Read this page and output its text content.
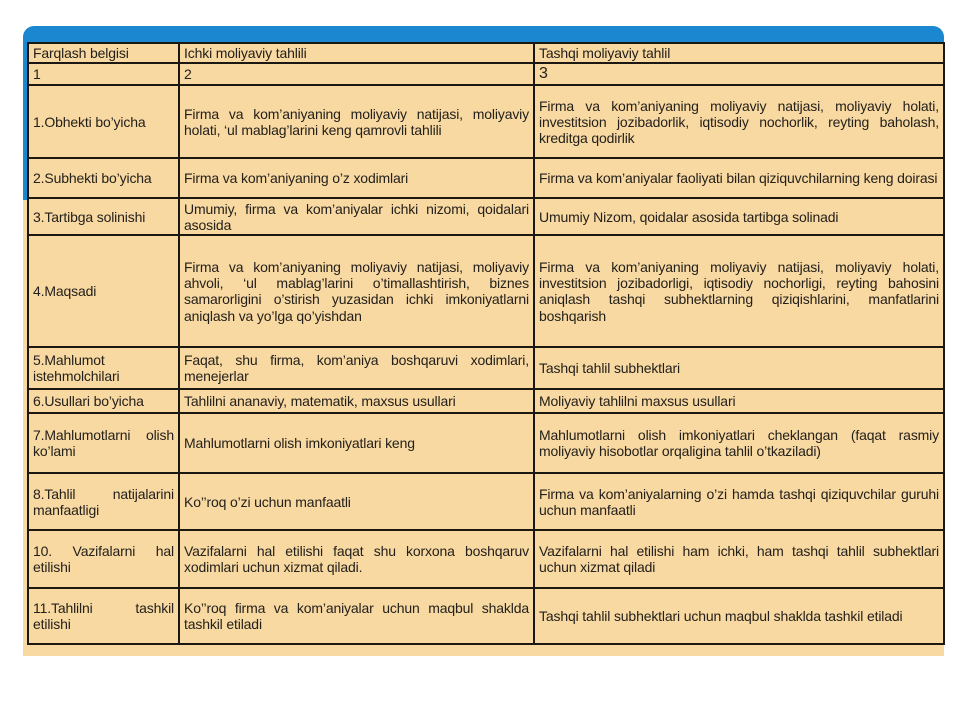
Farqlash belgisi	Ichki moliyaviy tahlili	Tashqi moliyaviy tahlil
1	2	3
1.Obhekti bo’yicha	Firma va kom’aniyaning moliyaviy natijasi, moliyaviy holati, ‘ul mablag’larini keng qamrovli tahlili	Firma va kom’aniyaning moliyaviy natijasi, moliyaviy holati, investitsion jozibadorlik, iqtisodiy nochorlik, reyting baholash, kreditga qodirlik
2.Subhekti bo’yicha	Firma va kom’aniyaning o’z xodimlari	Firma va kom’aniyalar faoliyati bilan qiziquvchilarning keng doirasi
3.Tartibga solinishi	Umumiy, firma va kom’aniyalar ichki nizomi, qoidalari asosida	Umumiy Nizom, qoidalar asosida tartibga solinadi
4.Maqsadi	Firma va kom’aniyaning moliyaviy natijasi, moliyaviy ahvoli, ‘ul mablag’larini o’timallashtirish, biznes samarorligini o’stirish yuzasidan ichki imkoniyatlarni aniqlash va yo’lga qo’yishdan	Firma va kom’aniyaning moliyaviy natijasi, moliyaviy holati, investitsion jozibadorligi, iqtisodiy nochorligi, reyting bahosini aniqlash tashqi subhektlarning qiziqishlarini, manfatlarini boshqarish
5.Mahlumot istehmolchilari	Faqat, shu firma, kom’aniya boshqaruvi xodimlari, menejerlar	Tashqi tahlil subhektlari
6.Usullari bo’yicha	Tahlilni ananaviy, matematik, maxsus usullari	Moliyaviy tahlilni maxsus usullari
7.Mahlumotlarni olish ko’lami	Mahlumotlarni olish imkoniyatlari keng	Mahlumotlarni olish imkoniyatlari cheklangan (faqat rasmiy moliyaviy hisobotlar orqaligina tahlil o’tkaziladi)
8.Tahlil natijalarini manfaatligi	Ko’’roq o’zi uchun manfaatli	Firma va kom’aniyalarning o’zi hamda tashqi qiziquvchilar guruhi uchun manfaatli
10. Vazifalarni hal etilishi	Vazifalarni hal etilishi faqat shu korxona boshqaruv xodimlari uchun xizmat qiladi.	Vazifalarni hal etilishi ham ichki, ham tashqi tahlil subhektlari uchun xizmat qiladi
11.Tahlilni tashkil etilishi	Ko’’roq firma va kom’aniyalar uchun maqbul shaklda tashkil etiladi	Tashqi tahlil subhektlari uchun maqbul shaklda tashkil etiladi
